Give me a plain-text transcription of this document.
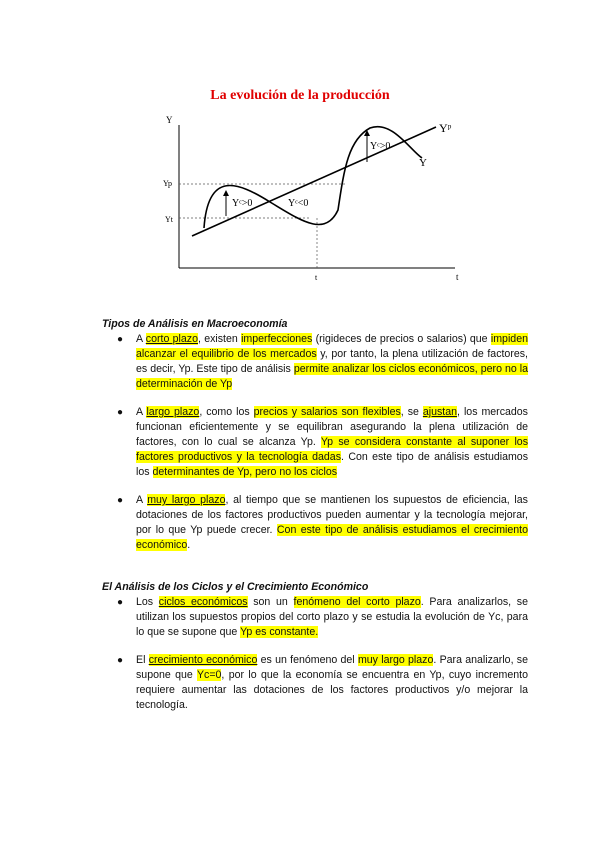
La evolución de la producción
Y
t
t
Yp
Yt
Yᶜ>0	Yᶜ<0
Yᶜ>0
Yᵖ
Y
Tipos de Análisis en Macroeconomía
● A corto plazo, existen imperfecciones (rigideces de precios o salarios) que impiden alcanzar el equilibrio de los mercados y, por tanto, la plena utilización de factores, es decir, Yp. Este tipo de análisis permite analizar los ciclos económicos, pero no la determinación de Yp
● A largo plazo, como los precios y salarios son flexibles, se ajustan, los mercados funcionan eficientemente y se equilibran asegurando la plena utilización de factores, con lo cual se alcanza Yp. Yp se considera constante al suponer los factores productivos y la tecnología dadas. Con este tipo de análisis estudiamos los determinantes de Yp, pero no los ciclos
● A muy largo plazo, al tiempo que se mantienen los supuestos de eficiencia, las dotaciones de los factores productivos pueden aumentar y la tecnología mejorar, por lo que Yp puede crecer. Con este tipo de análisis estudiamos el crecimiento económico.
El Análisis de los Ciclos y el Crecimiento Económico
● Los ciclos económicos son un fenómeno del corto plazo. Para analizarlos, se utilizan los supuestos propios del corto plazo y se estudia la evolución de Yc, para lo que se supone que Yp es constante.
● El crecimiento económico es un fenómeno del muy largo plazo. Para analizarlo, se supone que Yc=0, por lo que la economía se encuentra en Yp, cuyo incremento requiere aumentar las dotaciones de los factores productivos y/o mejorar la tecnología.
